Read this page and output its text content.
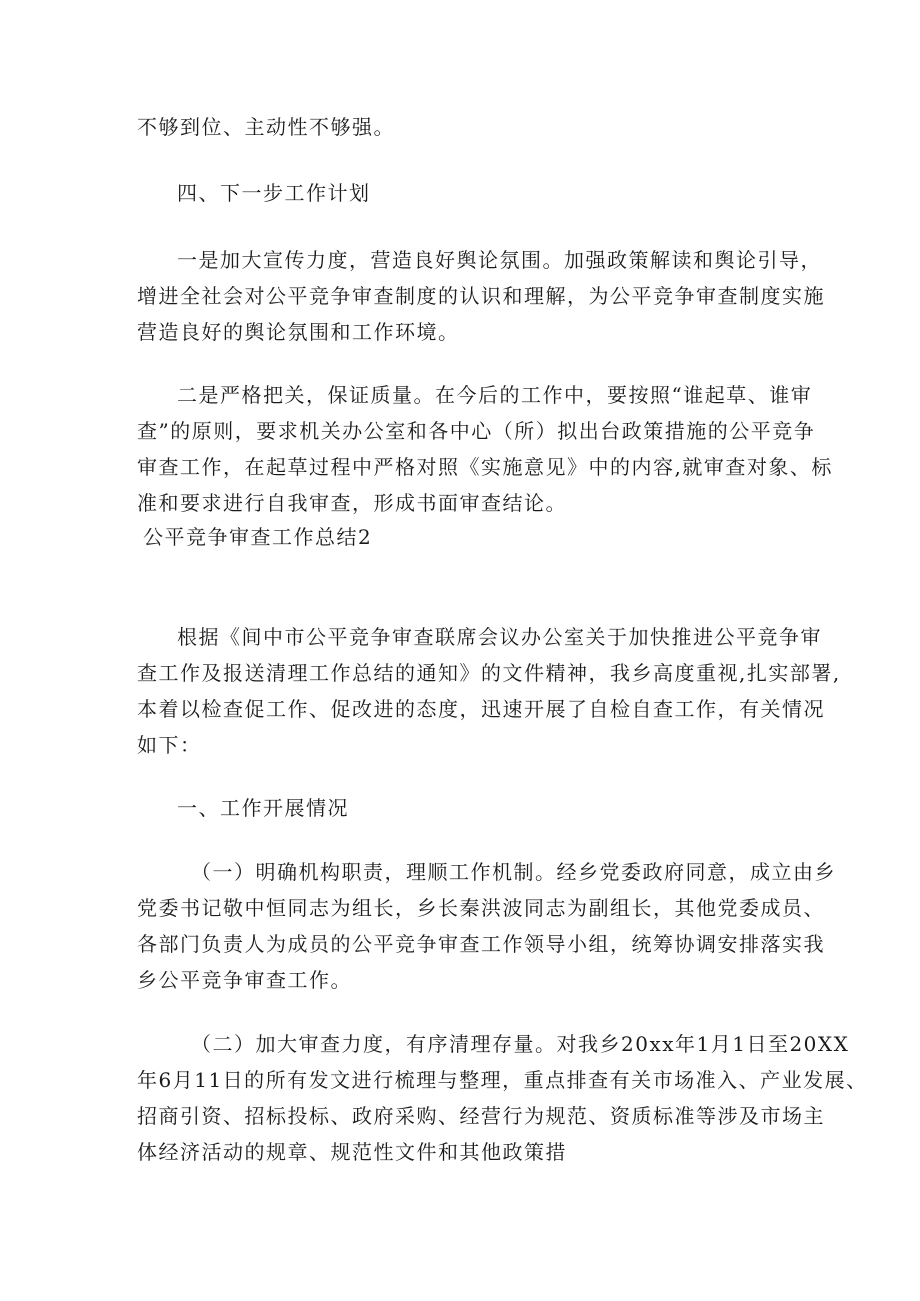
不够到位、主动性不够强。
四、下一步工作计划
一是加大宣传力度，营造良好舆论氛围。加强政策解读和舆论引导，
增进全社会对公平竞争审查制度的认识和理解，为公平竞争审查制度实施
营造良好的舆论氛围和工作环境。
二是严格把关，保证质量。在今后的工作中，要按照“谁起草、谁审
查”的原则，要求机关办公室和各中心（所）拟出台政策措施的公平竞争
审查工作，在起草过程中严格对照《实施意见》中的内容,就审查对象、标
准和要求进行自我审查，形成书面审查结论。
公平竞争审查工作总结2
根据《间中市公平竞争审查联席会议办公室关于加快推进公平竞争审
查工作及报送清理工作总结的通知》的文件精神，我乡高度重视,扎实部署,
本着以检查促工作、促改进的态度，迅速开展了自检自查工作，有关情况
如下：
一、工作开展情况
（一）明确机构职责，理顺工作机制。经乡党委政府同意，成立由乡
党委书记敬中恒同志为组长，乡长秦洪波同志为副组长，其他党委成员、
各部门负责人为成员的公平竞争审查工作领导小组，统筹协调安排落实我
乡公平竞争审查工作。
（二）加大审查力度，有序清理存量。对我乡20xx年1月1日至20XX
年6月11日的所有发文进行梳理与整理，重点排查有关市场准入、产业发展、
招商引资、招标投标、政府采购、经营行为规范、资质标准等涉及市场主
体经济活动的规章、规范性文件和其他政策措
